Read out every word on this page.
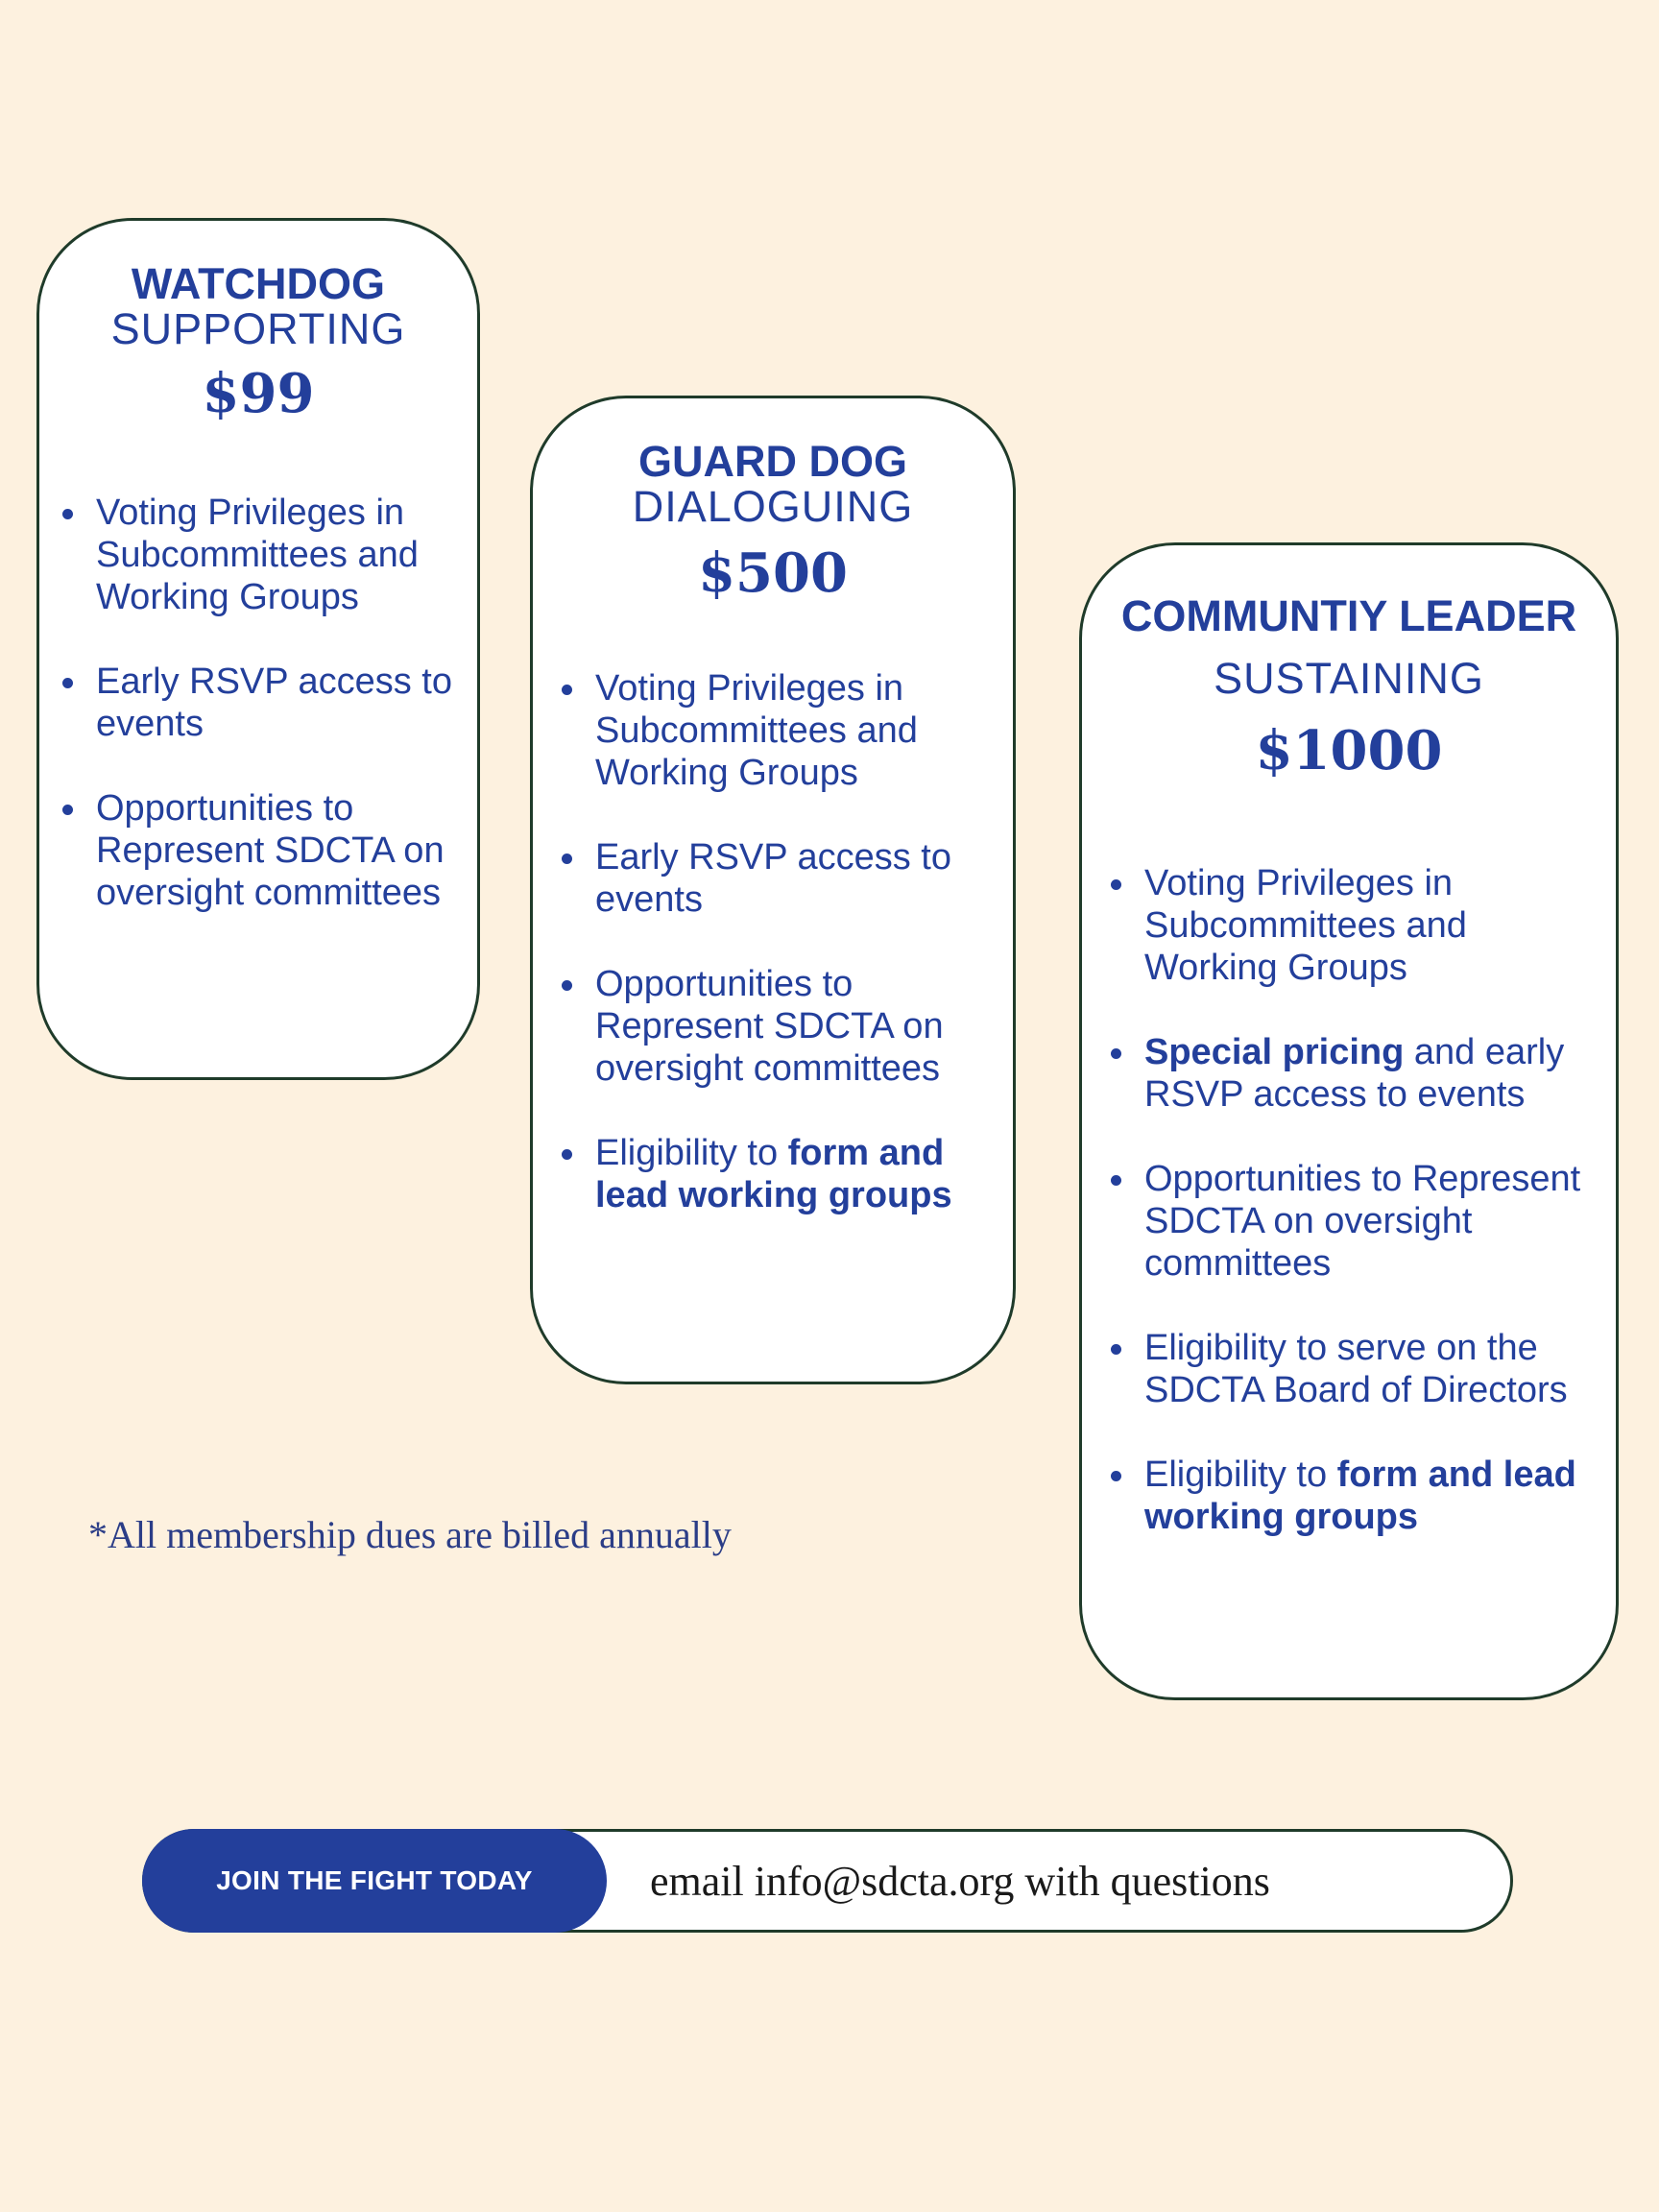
WATCHDOG
SUPPORTING
$99
Voting Privileges in Subcommittees and Working Groups
Early RSVP access to events
Opportunities to Represent SDCTA on oversight committees
GUARD DOG
DIALOGUING
$500
Voting Privileges in Subcommittees and Working Groups
Early RSVP access to events
Opportunities to Represent SDCTA on oversight committees
Eligibility to form and lead working groups
COMMUNTIY LEADER
SUSTAINING
$1000
Voting Privileges in Subcommittees and Working Groups
Special pricing and early RSVP access to events
Opportunities to Represent SDCTA on oversight committees
Eligibility to serve on the SDCTA Board of Directors
Eligibility to form and lead working groups
*All membership dues are billed annually
JOIN THE FIGHT TODAY	email info@sdcta.org with questions
